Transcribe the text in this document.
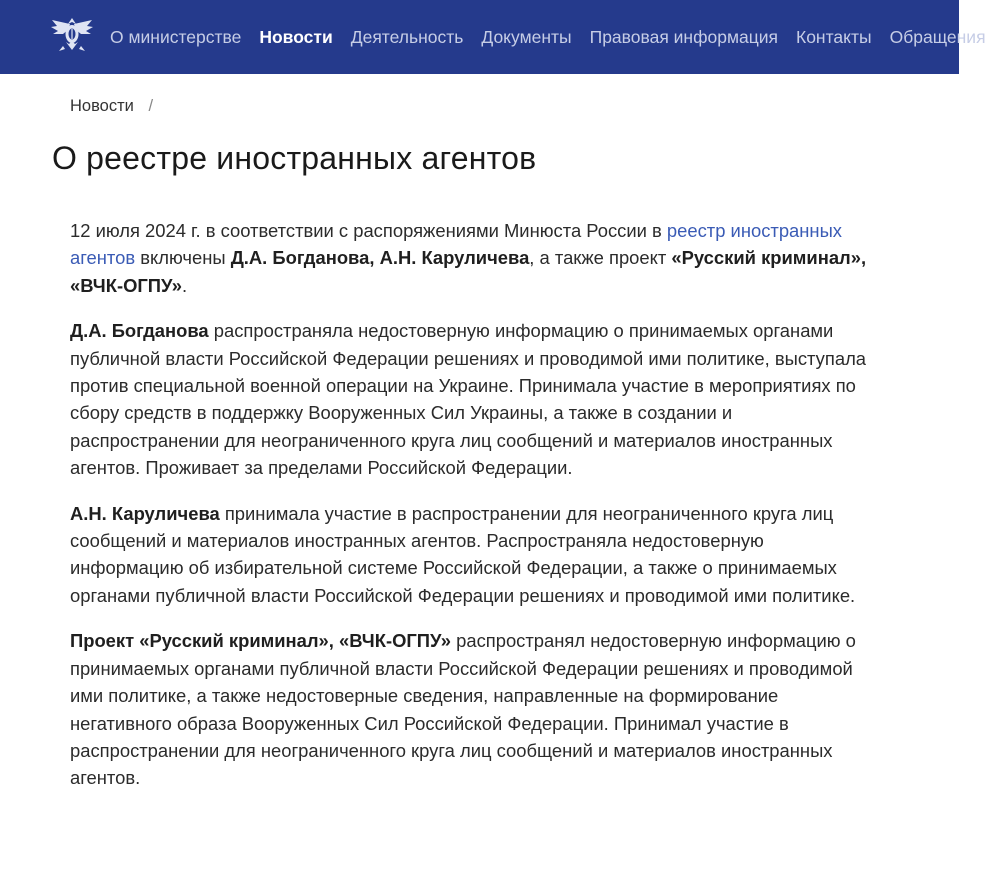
О министерстве Новости Деятельность Документы Правовая информация Контакты Обращения
Новости /
О реестре иностранных агентов

12 июля 2024 г. в соответствии с распоряжениями Минюста России в реестр иностранных агентов включены Д.А. Богданова, А.Н. Каруличева, а также проект «Русский криминал», «ВЧК-ОГПУ».

Д.А. Богданова распространяла недостоверную информацию о принимаемых органами публичной власти Российской Федерации решениях и проводимой ими политике, выступала против специальной военной операции на Украине. Принимала участие в мероприятиях по сбору средств в поддержку Вооруженных Сил Украины, а также в создании и распространении для неограниченного круга лиц сообщений и материалов иностранных агентов. Проживает за пределами Российской Федерации.

А.Н. Каруличева принимала участие в распространении для неограниченного круга лиц сообщений и материалов иностранных агентов. Распространяла недостоверную информацию об избирательной системе Российской Федерации, а также о принимаемых органами публичной власти Российской Федерации решениях и проводимой ими политике.

Проект «Русский криминал», «ВЧК-ОГПУ» распространял недостоверную информацию о принимаемых органами публичной власти Российской Федерации решениях и проводимой ими политике, а также недостоверные сведения, направленные на формирование негативного образа Вооруженных Сил Российской Федерации. Принимал участие в распространении для неограниченного круга лиц сообщений и материалов иностранных агентов.
